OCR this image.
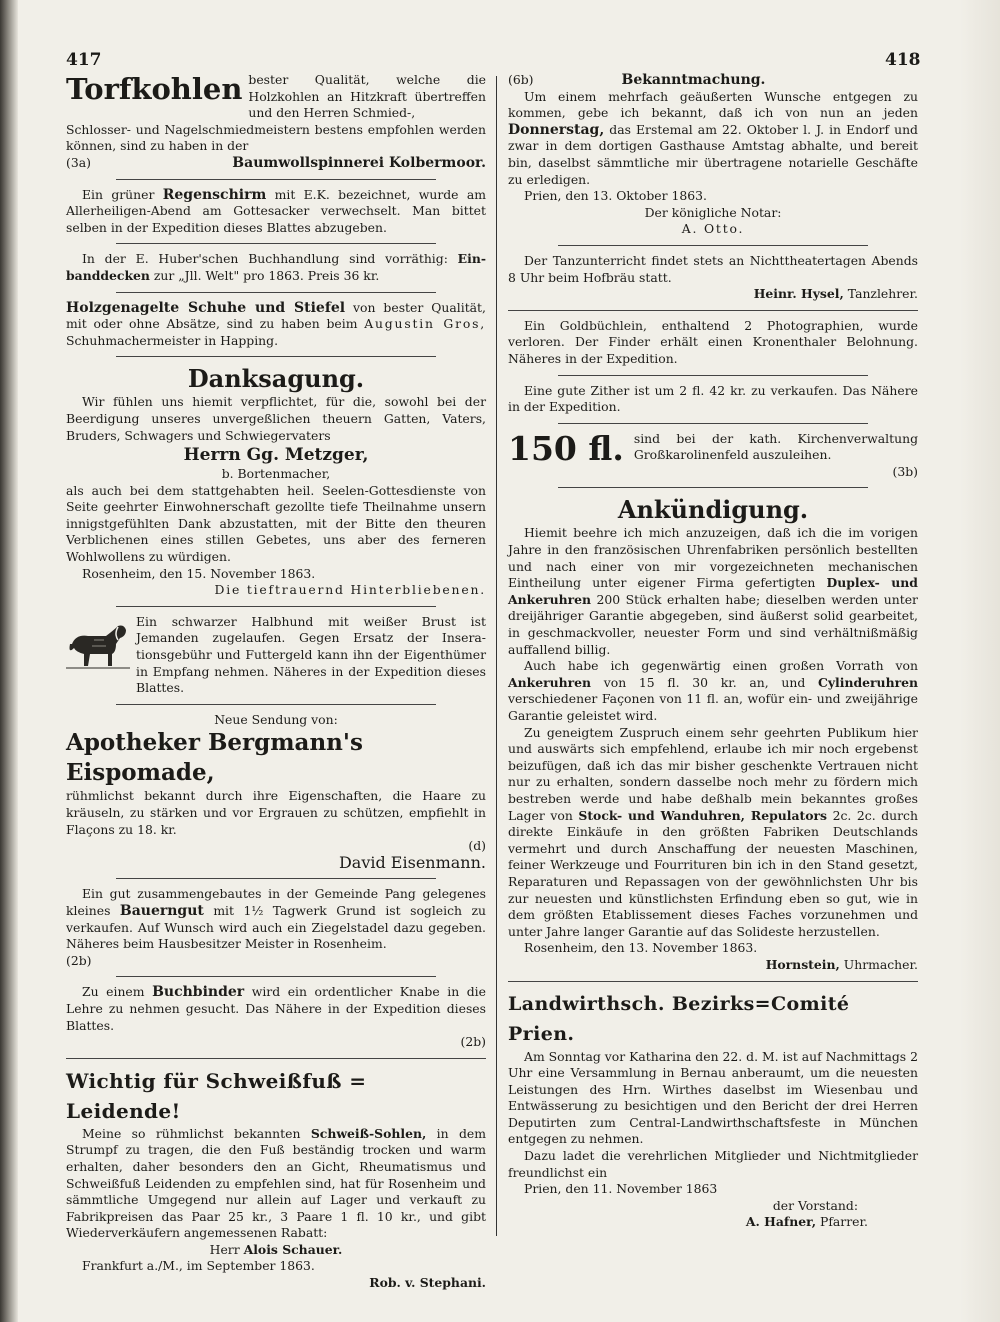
417	418
Torfkohlen bester Qualität, welche die Holzkohlen an Hitzkraft übertreffen und den Herren Schmied-,

Schlosser- und Nagelschmiedmeistern bestens empfohlen werden können, sind zu haben in der

(3a)	Baumwollspinnerei Kolbermoor.

Ein grüner Regenschirm mit E.K. bezeichnet, wurde am Allerheiligen-Abend am Gottesacker verwechselt. Man bittet selben in der Expedition dieses Blattes abzugeben.

In der E. Huber'schen Buchhandlung sind vorräthig: Ein- banddecken zur „Jll. Welt" pro 1863. Preis 36 kr.

Holzgenagelte Schuhe und Stiefel von bester Qualität, mit oder ohne Absätze, sind zu haben beim Augustin Gros, Schuhmachermeister in Happing.

Danksagung.

Wir fühlen uns hiemit verpflichtet, für die, sowohl bei der Beerdigung unseres unvergeßlichen theuern Gatten, Vaters, Bruders, Schwagers und Schwiegervaters

Herrn Gg. Metzger,
b. Bortenmacher,

als auch bei dem stattgehabten heil. Seelen-Gottesdienste von Seite geehrter Einwohnerschaft gezollte tiefe Theilnahme unsern innigstgefühlten Dank abzustatten, mit der Bitte den theuren Verblichenen eines stillen Gebetes, uns aber des ferneren Wohlwollens zu würdigen.

Rosenheim, den 15. November 1863.

Die tieftrauernd Hinterbliebenen.

Ein schwarzer Halbhund mit weißer Brust ist Jemanden zugelaufen. Gegen Ersatz der Insera-tionsgebühr und Futtergeld kann ihn der Eigenthümer in Empfang nehmen. Näheres in der Expedition dieses Blattes.

Neue Sendung von:
Apotheker Bergmann's Eispomade,

rühmlichst bekannt durch ihre Eigenschaften, die Haare zu kräuseln, zu stärken und vor Ergrauen zu schützen, empfiehlt in Flaçons zu 18. kr.

(d)
David Eisenmann.

Ein gut zusammengebautes in der Gemeinde Pang gelegenes kleines Bauerngut mit 1½ Tagwerk Grund ist sogleich zu verkaufen. Auf Wunsch wird auch ein Ziegelstadel dazu gegeben. Näheres beim Hausbesitzer Meister in Rosenheim.

(2b)

Zu einem Buchbinder wird ein ordentlicher Knabe in die Lehre zu nehmen gesucht. Das Nähere in der Expedition dieses Blattes.

(2b)
Wichtig für Schweißfuß = Leidende!

Meine so rühmlichst bekannten Schweiß-Sohlen, in dem Strumpf zu tragen, die den Fuß beständig trocken und warm erhalten, daher besonders den an Gicht, Rheumatismus und Schweißfuß Leidenden zu empfehlen sind, hat für Rosenheim und sämmtliche Umgegend nur allein auf Lager und verkauft zu Fabrikpreisen das Paar 25 kr., 3 Paare 1 fl. 10 kr., und gibt Wiederverkäufern angemessenen Rabatt:

Herr Alois Schauer.

Frankfurt a./M., im September 1863.

Rob. v. Stephani.
(6b)	Bekanntmachung.

Um einem mehrfach geäußerten Wunsche entgegen zu kommen, gebe ich bekannt, daß ich von nun an jeden Donnerstag, das Erstemal am 22. Oktober l. J. in Endorf und zwar in dem dortigen Gasthause Amtstag abhalte, und bereit bin, daselbst sämmtliche mir übertragene notarielle Geschäfte zu erledigen.

Prien, den 13. Oktober 1863.

Der königliche Notar:
A. Otto.

Der Tanzunterricht findet stets an Nichttheatertagen Abends 8 Uhr beim Hofbräu statt.

Heinr. Hysel, Tanzlehrer.

Ein Goldbüchlein, enthaltend 2 Photographien, wurde verloren. Der Finder erhält einen Kronenthaler Belohnung. Näheres in der Expedition.

Eine gute Zither ist um 2 fl. 42 kr. zu verkaufen. Das Nähere in der Expedition.

150 fl. sind bei der kath. Kirchenverwaltung Großkarolinenfeld auszuleihen.

(3b)
Ankündigung.

Hiemit beehre ich mich anzuzeigen, daß ich die im vorigen Jahre in den französischen Uhrenfabriken persönlich bestellten und nach einer von mir vorgezeichneten mechanischen Eintheilung unter eigener Firma gefertigten Duplex- und Ankeruhren 200 Stück erhalten habe; dieselben werden unter dreijähriger Garantie abgegeben, sind äußerst solid gearbeitet, in geschmackvoller, neuester Form und sind verhältnißmäßig auffallend billig.

Auch habe ich gegenwärtig einen großen Vorrath von Ankeruhren von 15 fl. 30 kr. an, und Cylinderuhren verschiedener Façonen von 11 fl. an, wofür ein- und zweijährige Garantie geleistet wird.

Zu geneigtem Zuspruch einem sehr geehrten Publikum hier und auswärts sich empfehlend, erlaube ich mir noch ergebenst beizufügen, daß ich das mir bisher geschenkte Vertrauen nicht nur zu erhalten, sondern dasselbe noch mehr zu fördern mich bestreben werde und habe deßhalb mein bekanntes großes Lager von Stock- und Wanduhren, Repulators 2c. 2c. durch direkte Einkäufe in den größten Fabriken Deutschlands vermehrt und durch Anschaffung der neuesten Maschinen, feiner Werkzeuge und Fourrituren bin ich in den Stand gesetzt, Reparaturen und Repassagen von der gewöhnlichsten Uhr bis zur neuesten und künstlichsten Erfindung eben so gut, wie in dem größten Etablissement dieses Faches vorzunehmen und unter Jahre langer Garantie auf das Solideste herzustellen.

Rosenheim, den 13. November 1863.

Hornstein, Uhrmacher.
Landwirthsch. Bezirks=Comité Prien.

Am Sonntag vor Katharina den 22. d. M. ist auf Nachmittags 2 Uhr eine Versammlung in Bernau anberaumt, um die neuesten Leistungen des Hrn. Wirthes daselbst im Wiesenbau und Entwässerung zu besichtigen und den Bericht der drei Herren Deputirten zum Central-Landwirthschaftsfeste in München entgegen zu nehmen.

Dazu ladet die verehrlichen Mitglieder und Nichtmitglieder freundlichst ein

Prien, den 11. November 1863

der Vorstand:
A. Hafner, Pfarrer.
